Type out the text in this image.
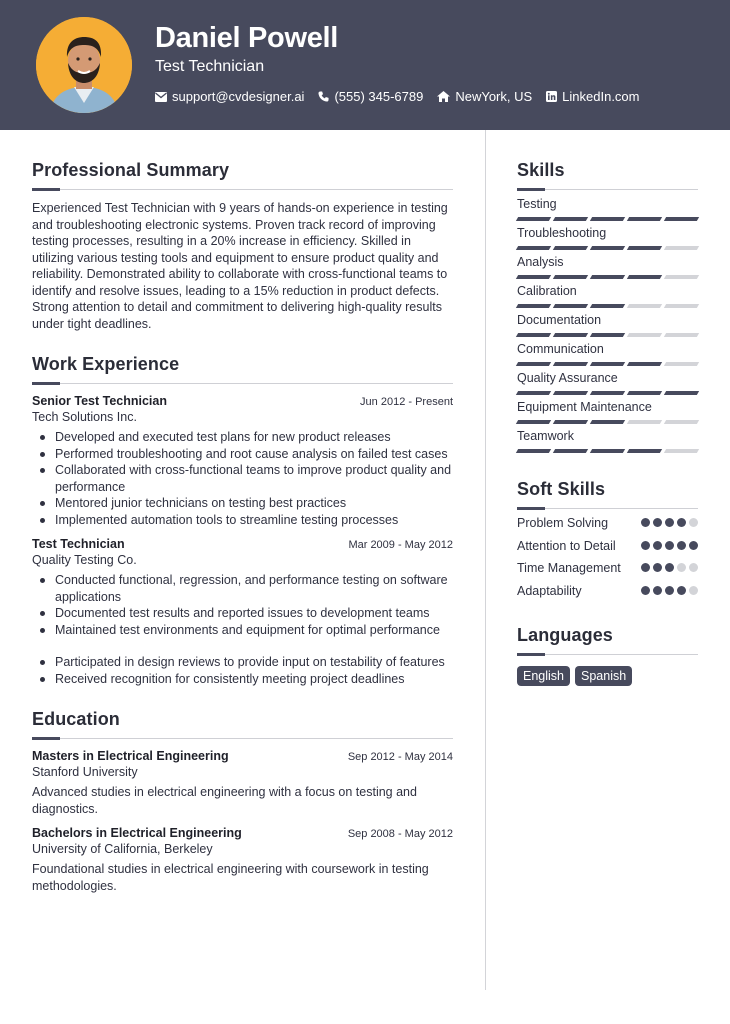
Daniel Powell
Test Technician
support@cvdesigner.ai (555) 345-6789 NewYork, US LinkedIn.com
Professional Summary

Experienced Test Technician with 9 years of hands-on experience in testing and troubleshooting electronic systems. Proven track record of improving testing processes, resulting in a 20% increase in efficiency. Skilled in utilizing various testing tools and equipment to ensure product quality and reliability. Demonstrated ability to collaborate with cross-functional teams to identify and resolve issues, leading to a 15% reduction in product defects. Strong attention to detail and commitment to delivering high-quality results under tight deadlines.

Work Experience
Senior Test Technician	Jun 2012 - Present
Tech Solutions Inc.
Developed and executed test plans for new product releases
Performed troubleshooting and root cause analysis on failed test cases
Collaborated with cross-functional teams to improve product quality and performance
Mentored junior technicians on testing best practices
Implemented automation tools to streamline testing processes
Test Technician	Mar 2009 - May 2012
Quality Testing Co.
Conducted functional, regression, and performance testing on software applications
Documented test results and reported issues to development teams
Maintained test environments and equipment for optimal performance
Participated in design reviews to provide input on testability of features
Received recognition for consistently meeting project deadlines
Education
Masters in Electrical Engineering	Sep 2012 - May 2014
Stanford University

Advanced studies in electrical engineering with a focus on testing and diagnostics.

Bachelors in Electrical Engineering	Sep 2008 - May 2012
University of California, Berkeley

Foundational studies in electrical engineering with coursework in testing methodologies.

Skills
Testing
Troubleshooting
Analysis
Calibration
Documentation
Communication
Quality Assurance
Equipment Maintenance
Teamwork
Soft Skills
Problem Solving
Attention to Detail
Time Management
Adaptability
Languages
English	Spanish
